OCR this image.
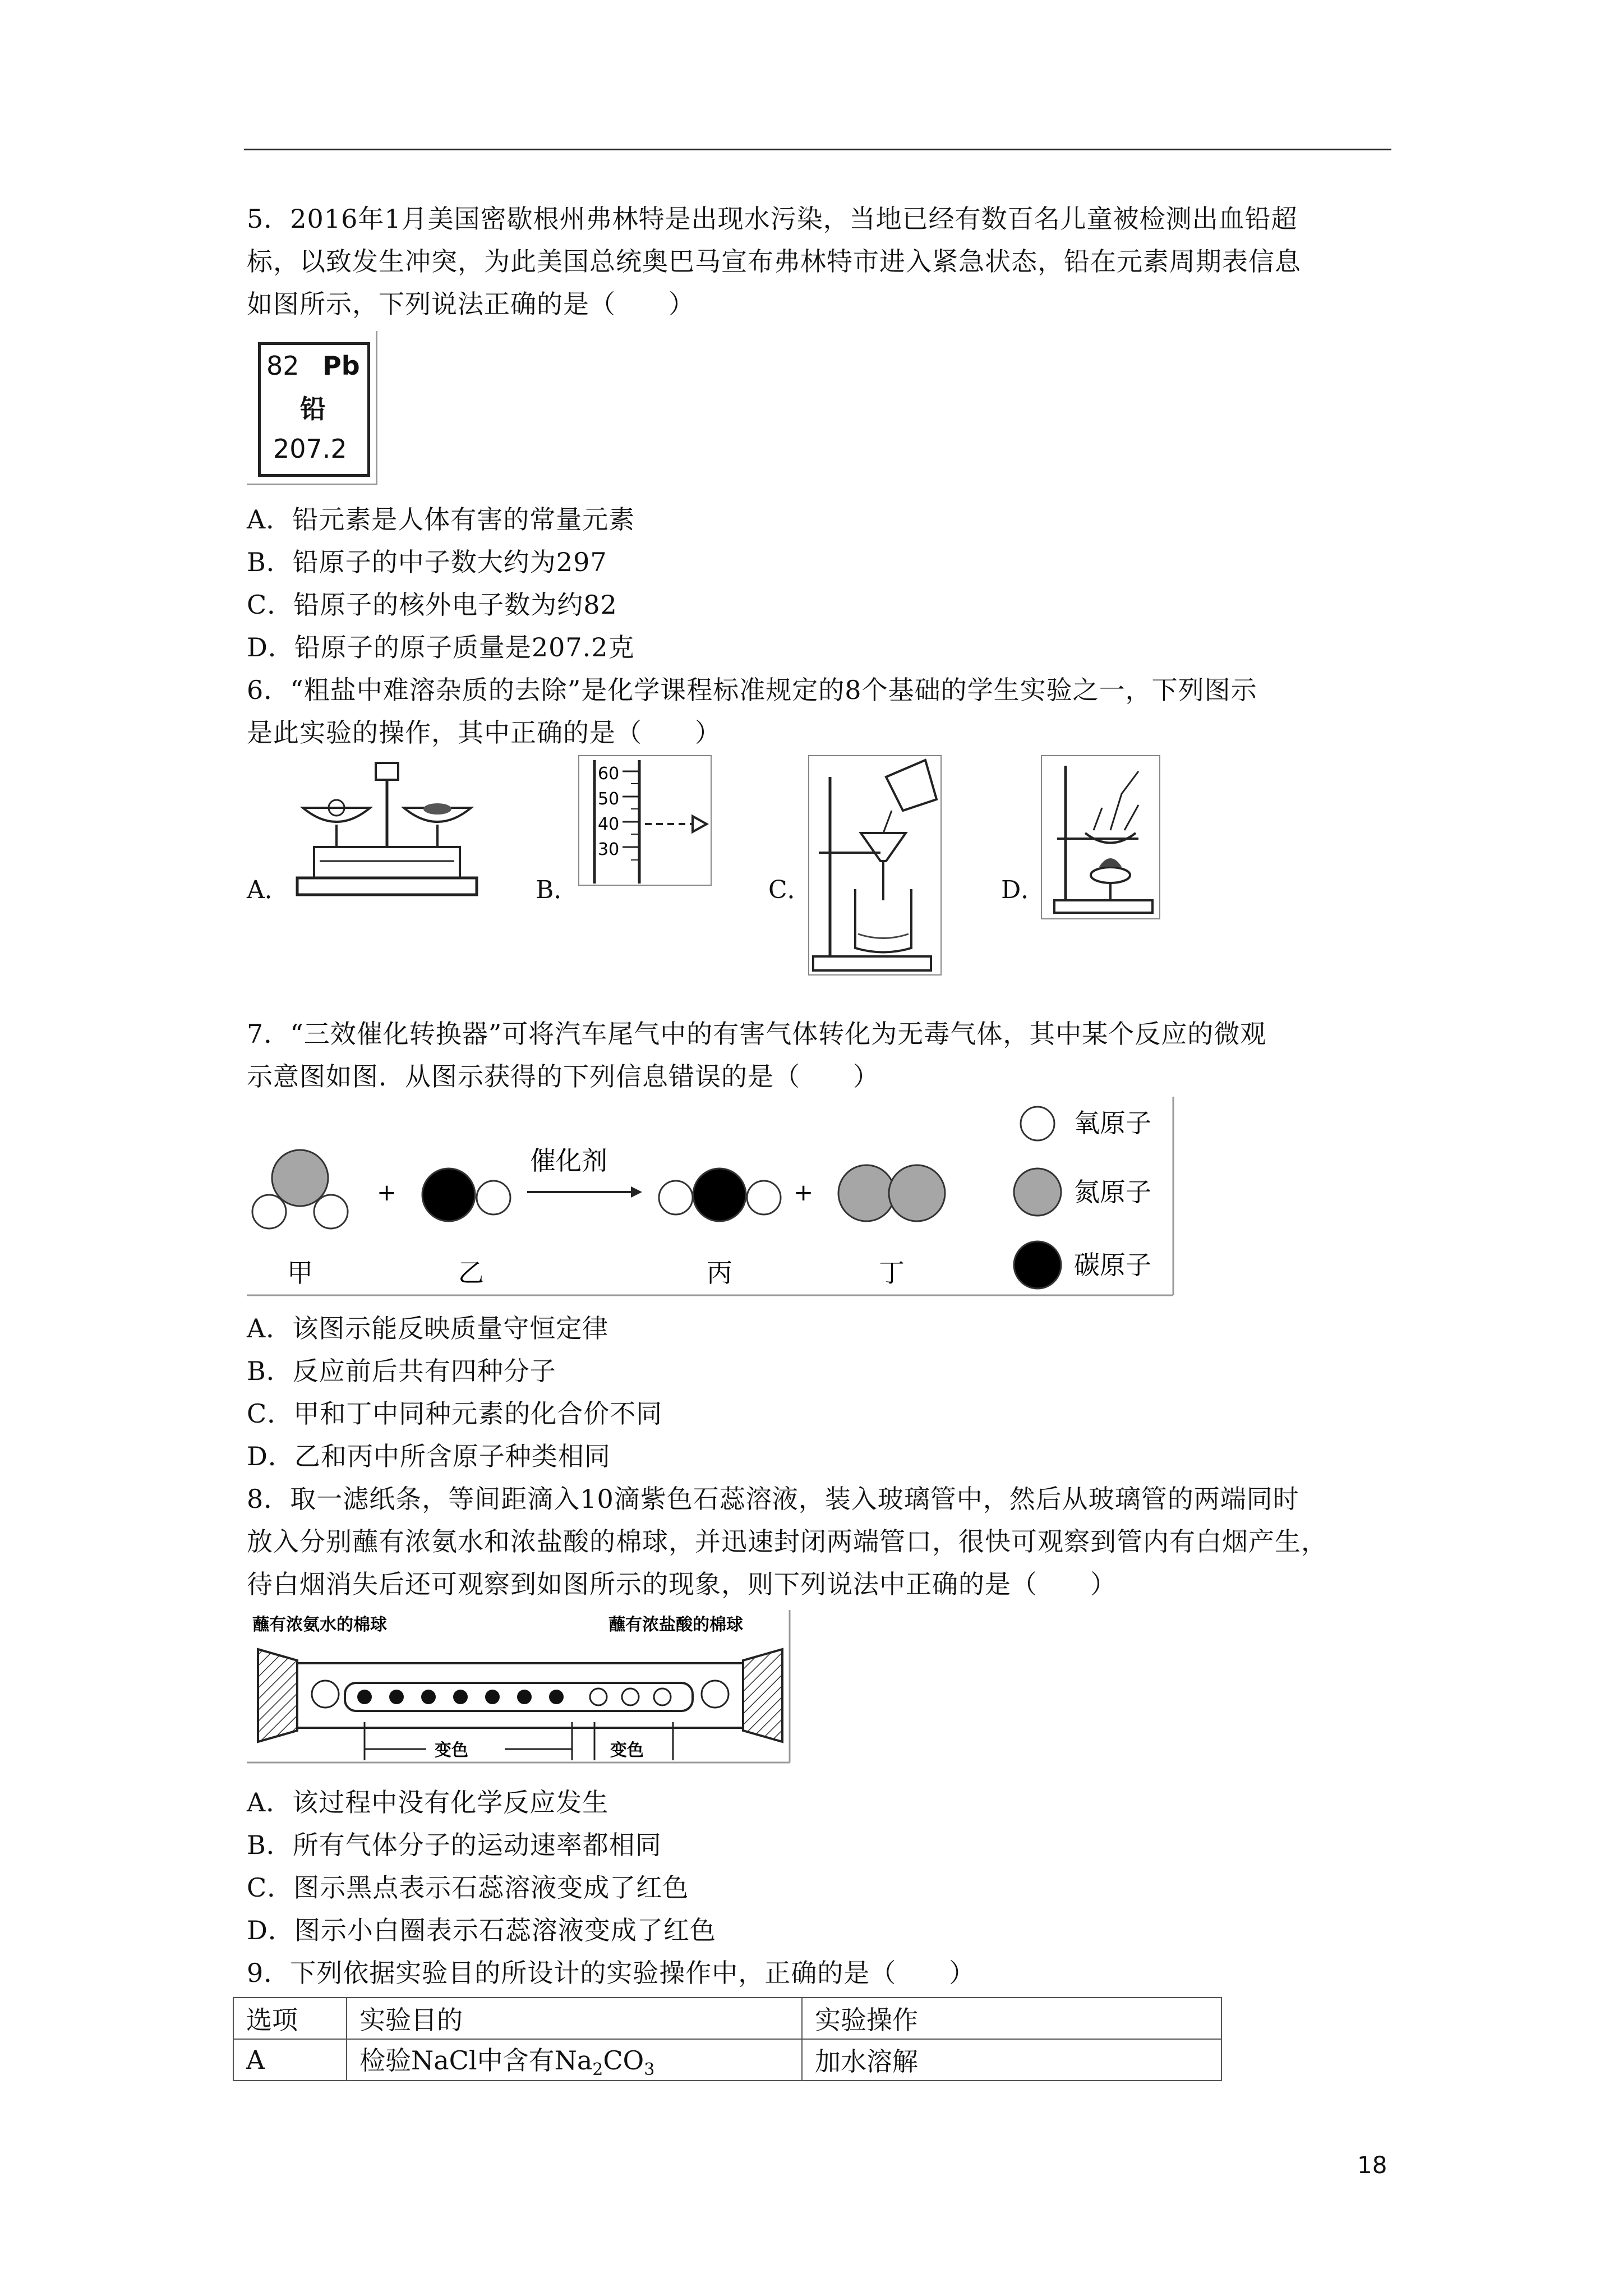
5．2016年1月美国密歇根州弗林特是出现水污染，当地已经有数百名儿童被检测出血铅超
标，以致发生冲突，为此美国总统奥巴马宣布弗林特市进入紧急状态，铅在元素周期表信息
如图所示，下列说法正确的是（　　）
82 Pb
铅
207.2
A．铅元素是人体有害的常量元素
B．铅原子的中子数大约为297
C．铅原子的核外电子数为约82
D．铅原子的原子质量是207.2克
6．“粗盐中难溶杂质的去除”是化学课程标准规定的8个基础的学生实验之一，下列图示
是此实验的操作，其中正确的是（　　）
A．	B．
60
50
40
30
C．	D．
7．“三效催化转换器”可将汽车尾气中的有害气体转化为无毒气体，其中某个反应的微观
示意图如图．从图示获得的下列信息错误的是（　　）
+
催化剂
+
甲	乙	丙	丁
氧原子
氮原子
碳原子
A．该图示能反映质量守恒定律
B．反应前后共有四种分子
C．甲和丁中同种元素的化合价不同
D．乙和丙中所含原子种类相同
8．取一滤纸条，等间距滴入10滴紫色石蕊溶液，装入玻璃管中，然后从玻璃管的两端同时
放入分别蘸有浓氨水和浓盐酸的棉球，并迅速封闭两端管口，很快可观察到管内有白烟产生，
待白烟消失后还可观察到如图所示的现象，则下列说法中正确的是（　　）
蘸有浓氨水的棉球	蘸有浓盐酸的棉球
变色	变色
A．该过程中没有化学反应发生
B．所有气体分子的运动速率都相同
C．图示黑点表示石蕊溶液变成了红色
D．图示小白圈表示石蕊溶液变成了红色
9．下列依据实验目的所设计的实验操作中，正确的是（　　）
选项	实验目的	实验操作
A	检验NaCl中含有$Na_2CO_3$	加水溶解
18
